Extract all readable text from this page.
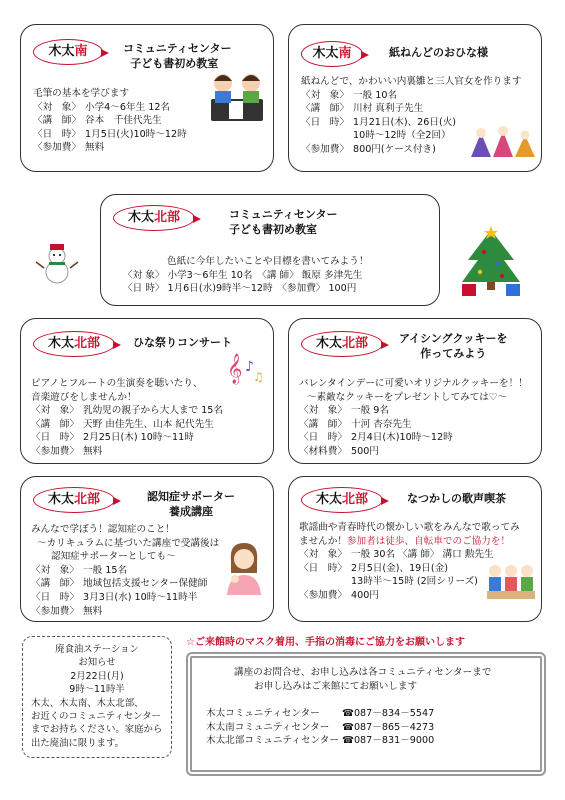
木太南	コミュニティセンター
子ども書初め教室
毛筆の基本を学びます
〈対　象〉 小学4～6年生 12名
〈講　師〉 谷本　千佳代先生
〈日　時〉 1月5日(火)10時～12時
〈参加費〉 無料
木太南	紙ねんどのおひな様
紙ねんどで、かわいい内裏雛と三人官女を作ります
〈対　象〉 一般 10名
〈講　師〉 川村 真利子先生
〈日　時〉 1月21日(木)、26日(火)
10時～12時（全2回）
〈参加費〉 800円(ケース付き)
木太北部	コミュニティセンター
子ども書初め教室
色紙に今年したいことや目標を書いてみよう！
〈対 象〉 小学3～6年生 10名　〈講 師〉 飯原 多津先生
〈日 時〉 1月6日(水)9時半～12時　〈参加費〉 100円
木太北部	ひな祭りコンサート
ピアノとフルートの生演奏を聴いたり、
音楽遊びをしませんか！
〈対　象〉 乳幼児の親子から大人まで 15名
〈講　師〉 天野 由佳先生、山本 紀代先生
〈日　時〉 2月25日(木) 10時～11時
〈参加費〉 無料
𝄞 ♪
♫
木太北部	アイシングクッキーを
作ってみよう
バレンタインデーに可愛いオリジナルクッキーを！！
～素敵なクッキーをプレゼントしてみては♡～
〈対　象〉 一般 9名
〈講　師〉 十河 杏奈先生
〈日　時〉 2月4日(木)10時～12時
〈材料費〉 500円
木太北部	認知症サポーター
養成講座
みんなで学ぼう！認知症のこと！
～カリキュラムに基づいた講座で受講後は
認知症サポーターとしても～
〈対　象〉 一般 15名
〈講　師〉 地域包括支援センター保健師
〈日　時〉 3月3日(水) 10時～11時半
〈参加費〉 無料
木太北部	なつかしの歌声喫茶
歌謡曲や青春時代の懐かしい歌をみんなで歌ってみ
ませんか！参加者は徒歩、自転車でのご協力を！
〈対　象〉 一般 30名 〈講 師〉 溝口 勲先生
〈日　時〉 2月5日(金)、19日(金)
13時半～15時 (2回シリーズ)
〈参加費〉 400円
廃食油ステーション
お知らせ
2月22日(月)
9時～11時半
木太、木太南、木太北部、
お近くのコミュニティセンター
までお持ちください。家庭から
出た廃油に限ります。
☆ご来館時のマスク着用、手指の消毒にご協力をお願いします
講座のお問合せ、お申し込みは各コミュニティセンターまで
お申し込みはご来館にてお願いします
木太コミュニティセンター	☎087－834－5547
木太南コミュニティセンター	☎087－865－4273
木太北部コミュニティセンター ☎087－831－9000
